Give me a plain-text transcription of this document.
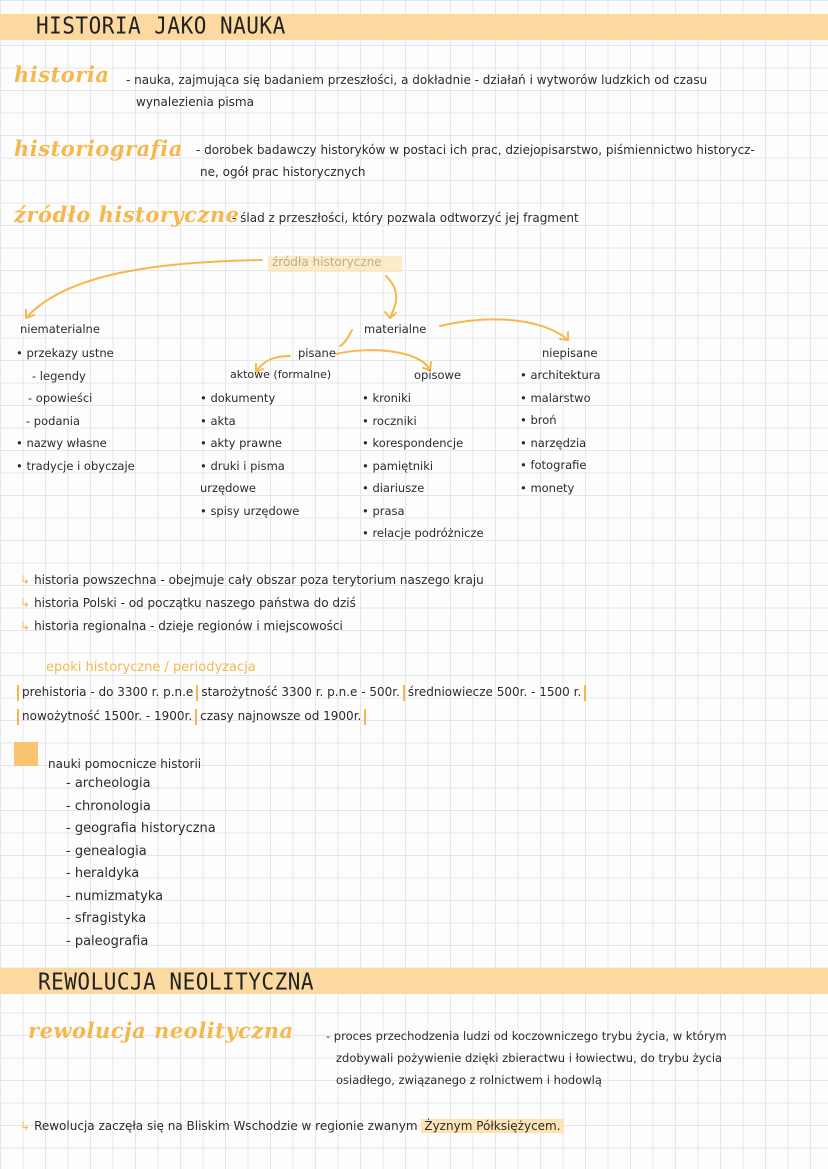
HISTORIA JAKO NAUKA
historia - nauka, zajmująca się badaniem przeszłości, a dokładnie - działań i wytworów ludzkich od czasu
wynalezienia pisma
historiografia - dorobek badawczy historyków w postaci ich prac, dziejopisarstwo, piśmiennictwo historycz-
ne, ogół prac historycznych
źródło historyczne
- ślad z przeszłości, który pozwala odtworzyć jej fragment
niematerialne
• przekazy ustne
- legendy
- opowieści
- podania
• nazwy własne
• tradycje i obyczaje
materialne
pisane	niepisane
aktowe (formalne)
• dokumenty
• akta
• akty prawne
• druki i pisma
urzędowe
• spisy urzędowe
opisowe
• kroniki
• roczniki
• korespondencje
• pamiętniki
• diariusze
• prasa
• relacje podróżnicze
• architektura
• malarstwo
• broń
• narzędzia
• fotografie
• monety
↳ historia powszechna - obejmuje cały obszar poza terytorium naszego kraju
↳ historia Polski - od początku naszego państwa do dziś
↳ historia regionalna - dzieje regionów i miejscowości
epoki historyczne / periodyzacja
prehistoria - do 3300 r. p.n.e starożytność 3300 r. p.n.e - 500r. średniowiecze 500r. - 1500 r.
nowożytność 1500r. - 1900r. czasy najnowsze od 1900r.
nauki pomocnicze historii
- archeologia
- chronologia
- geografia historyczna
- genealogia
- heraldyka
- numizmatyka
- sfragistyka
- paleografia
REWOLUCJA NEOLITYCZNA
rewolucja neolityczna	- proces przechodzenia ludzi od koczowniczego trybu życia, w którym
zdobywali pożywienie dzięki zbieractwu i łowiectwu, do trybu życia
osiadłego, związanego z rolnictwem i hodowlą
↳ Rewolucja zaczęła się na Bliskim Wschodzie w regionie zwanym Żyznym Półksiężycem.
